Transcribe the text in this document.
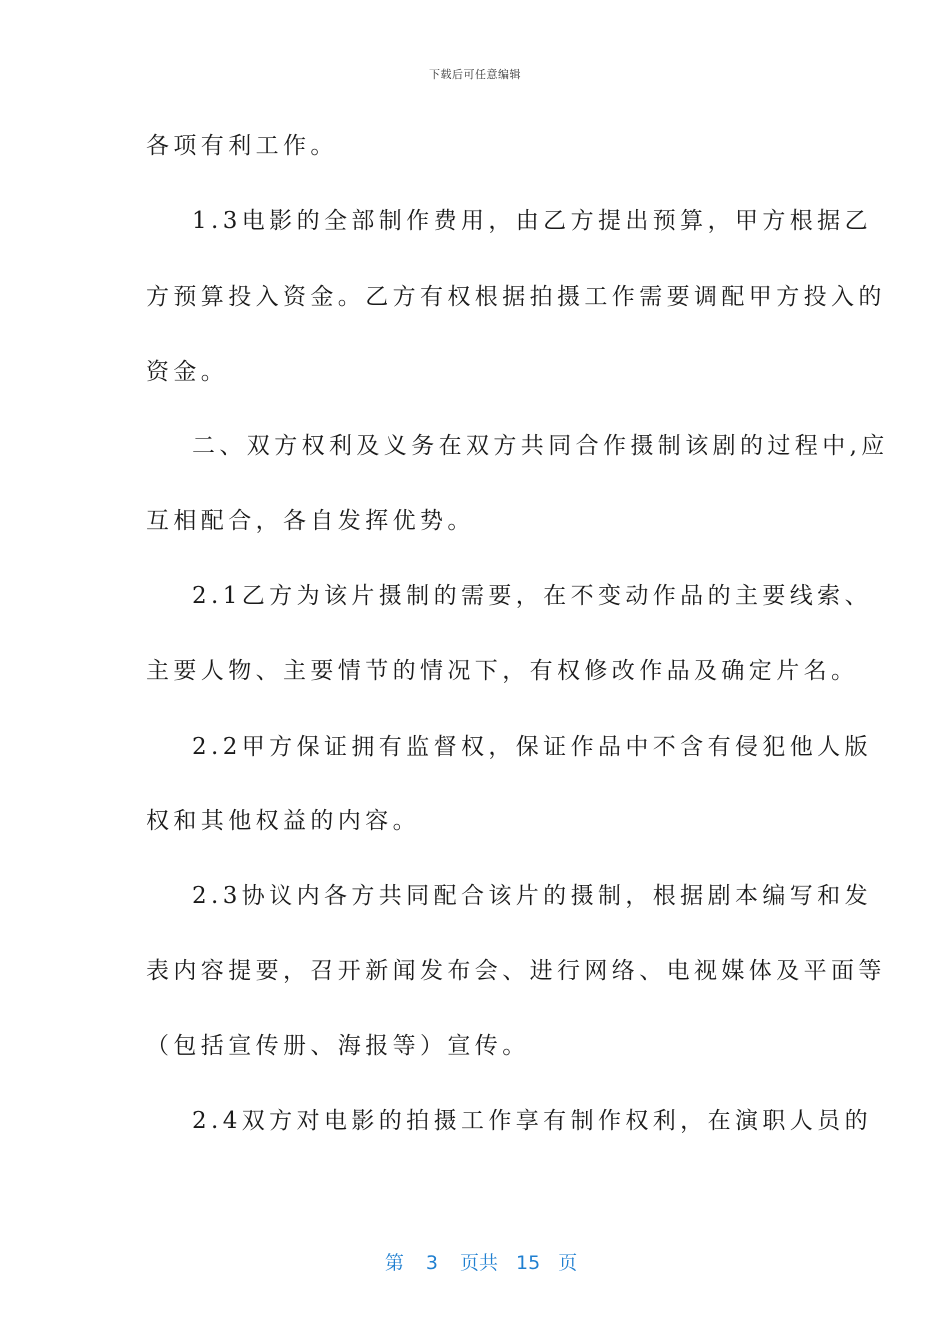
下载后可任意编辑
各项有利工作。
1.3电影的全部制作费用，由乙方提出预算，甲方根据乙
方预算投入资金。乙方有权根据拍摄工作需要调配甲方投入的
资金。
二、双方权利及义务在双方共同合作摄制该剧的过程中,应
互相配合，各自发挥优势。
2.1乙方为该片摄制的需要，在不变动作品的主要线索、
主要人物、主要情节的情况下，有权修改作品及确定片名。
2.2甲方保证拥有监督权，保证作品中不含有侵犯他人版
权和其他权益的内容。
2.3协议内各方共同配合该片的摄制，根据剧本编写和发
表内容提要，召开新闻发布会、进行网络、电视媒体及平面等
（包括宣传册、海报等）宣传。
2.4双方对电影的拍摄工作享有制作权利，在演职人员的

第 3 页共 15 页
